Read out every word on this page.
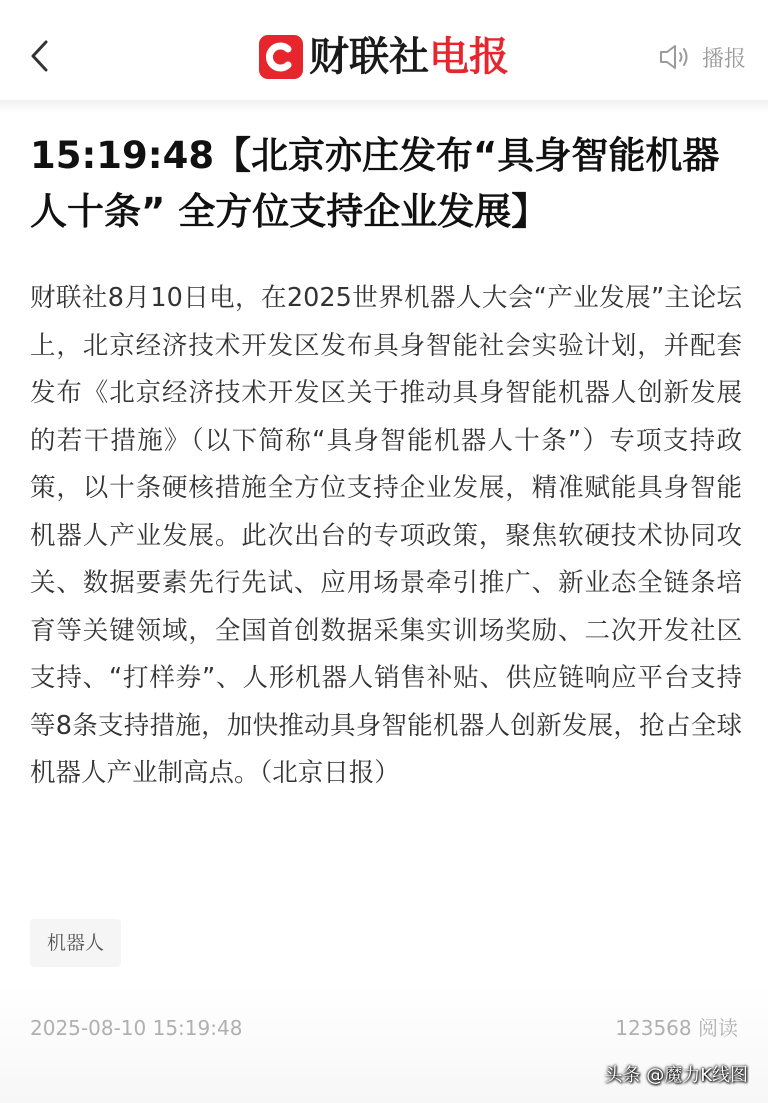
财联社电报	播报
15:19:48【北京亦庄发布“具身智能机器人十条” 全方位支持企业发展】

财联社8月10日电，在2025世界机器人大会“产业发展”主论坛上，北京经济技术开发区发布具身智能社会实验计划，并配套发布《北京经济技术开发区关于推动具身智能机器人创新发展的若干措施》（以下简称“具身智能机器人十条”）专项支持政策，以十条硬核措施全方位支持企业发展，精准赋能具身智能机器人产业发展。此次出台的专项政策，聚焦软硬技术协同攻关、数据要素先行先试、应用场景牵引推广、新业态全链条培育等关键领域，全国首创数据采集实训场奖励、二次开发社区支持、“打样券”、人形机器人销售补贴、供应链响应平台支持等8条支持措施，加快推动具身智能机器人创新发展，抢占全球机器人产业制高点。（北京日报）

机器人
2025-08-10 15:19:48	123568 阅读
头条 @魔力K线图
